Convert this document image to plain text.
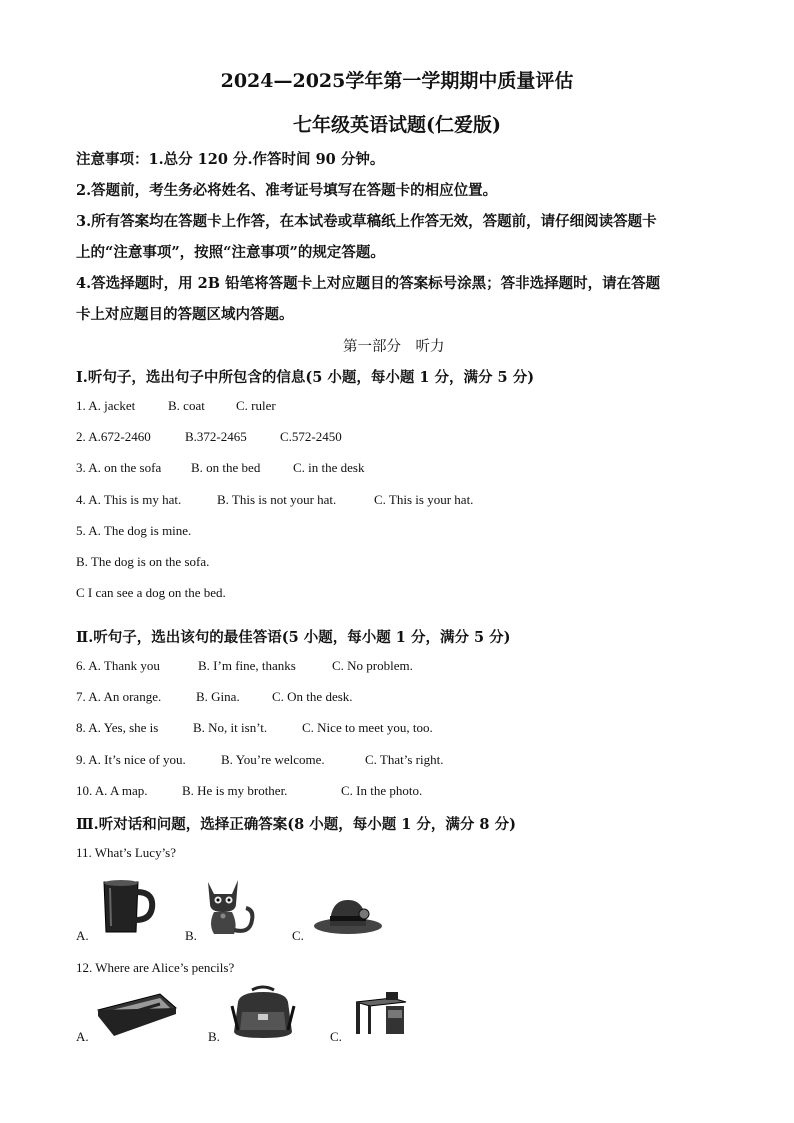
2024—2025学年第一学期期中质量评估
七年级英语试题(仁爱版)
注意事项：1.总分 120 分.作答时间 90 分钟。
2.答题前，考生务必将姓名、准考证号填写在答题卡的相应位置。
3.所有答案均在答题卡上作答，在本试卷或草稿纸上作答无效，答题前，请仔细阅读答题卡
上的“注意事项”，按照“注意事项”的规定答题。
4.答选择题时，用 2B 铅笔将答题卡上对应题目的答案标号涂黑；答非选择题时，请在答题
卡上对应题目的答题区域内答题。
第一部分　听力
Ⅰ.听句子，选出句子中所包含的信息(5 小题，每小题 1 分，满分 5 分)
1. A. jacket	B. coat C. ruler
2. A.672-2460	B.372-2465	C.572-2450
3. A. on the sofa B. on the bed	C. in the desk
4. A. This is my hat.	B. This is not your hat.	C. This is your hat.
5. A. The dog is mine.
B. The dog is on the sofa.
C I can see a dog on the bed.
Ⅱ.听句子，选出该句的最佳答语(5 小题，每小题 1 分，满分 5 分)
6. A. Thank you	B. I’m fine, thanks	C. No problem.
7. A. An orange.	B. Gina. C. On the desk.
8. A. Yes, she is	B. No, it isn’t.	C. Nice to meet you, too.
9. A. It’s nice of you.	B. You’re welcome.	C. That’s right.
10. A. A map.	B. He is my brother.	C. In the photo.
Ⅲ.听对话和问题，选择正确答案(8 小题，每小题 1 分，满分 8 分)
11. What’s Lucy’s?
A.	B.	C.
12. Where are Alice’s pencils?
A.	B.	C.
